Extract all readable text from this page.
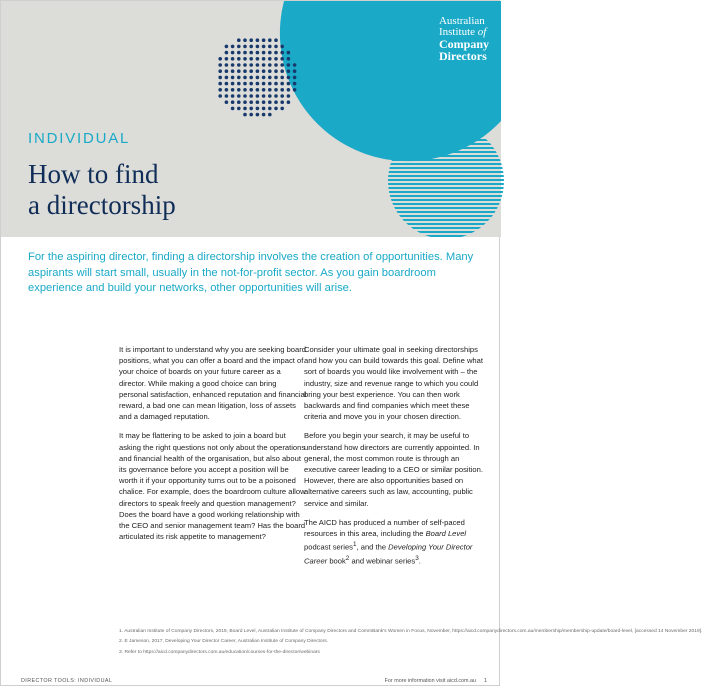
Australian
Institute of
Company
Directors
INDIVIDUAL
How to find
a directorship
For the aspiring director, finding a directorship involves the creation of opportunities. Many aspirants will start small, usually in the not-for-profit sector. As you gain boardroom experience and build your networks, other opportunities will arise.

It is important to understand why you are seeking board positions, what you can offer a board and the impact of your choice of boards on your future career as a director. While making a good choice can bring personal satisfaction, enhanced reputation and financial reward, a bad one can mean litigation, loss of assets and a damaged reputation.

It may be flattering to be asked to join a board but asking the right questions not only about the operations and financial health of the organisation, but also about its governance before you accept a position will be worth it if your opportunity turns out to be a poisoned chalice. For example, does the boardroom culture allow directors to speak freely and question management? Does the board have a good working relationship with the CEO and senior management team? Has the board articulated its risk appetite to management?

Consider your ultimate goal in seeking directorships and how you can build towards this goal. Define what sort of boards you would like involvement with – the industry, size and revenue range to which you could bring your best experience. You can then work backwards and find companies which meet these criteria and move you in your chosen direction.

Before you begin your search, it may be useful to understand how directors are currently appointed. In general, the most common route is through an executive career leading to a CEO or similar position. However, there are also opportunities based on alternative careers such as law, accounting, public service and similar.

The AICD has produced a number of self-paced resources in this area, including the Board Level podcast series$^1$, and the Developing Your Director Career book$^2$ and webinar series$^3$.

1. Australian Institute of Company Directors, 2019, Board Level, Australian Institute of Company Directors and CommBank's Women in Focus, November, https://aicd.companydirectors.com.au/membership/membership-update/board-level, [accessed 14 November 2019].
2. E Jameson, 2017, Developing Your Director Career, Australian Institute of Company Directors.
3. Refer to https://aicd.companydirectors.com.au/education/courses-for-the-director/webinars
DIRECTOR TOOLS: INDIVIDUAL	For more information visit aicd.com.au 1
